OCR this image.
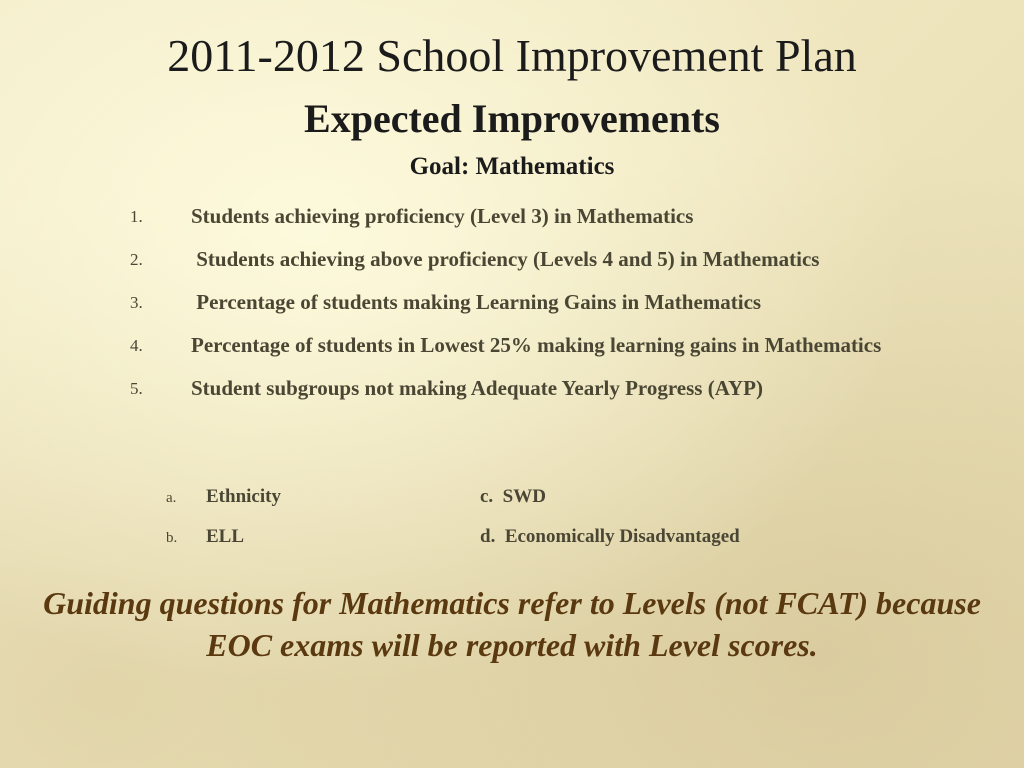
2011-2012 School Improvement Plan
Expected Improvements
Goal: Mathematics
1. Students achieving proficiency (Level 3) in Mathematics
2. Students achieving above proficiency (Levels 4 and 5) in Mathematics
3. Percentage of students making Learning Gains in Mathematics
4. Percentage of students in Lowest 25% making learning gains in Mathematics
5. Student subgroups not making Adequate Yearly Progress (AYP)
a. Ethnicity
b. ELL
c.  SWD
d.  Economically Disadvantaged
Guiding questions for Mathematics refer to Levels (not FCAT) because EOC exams will be reported with Level scores.
